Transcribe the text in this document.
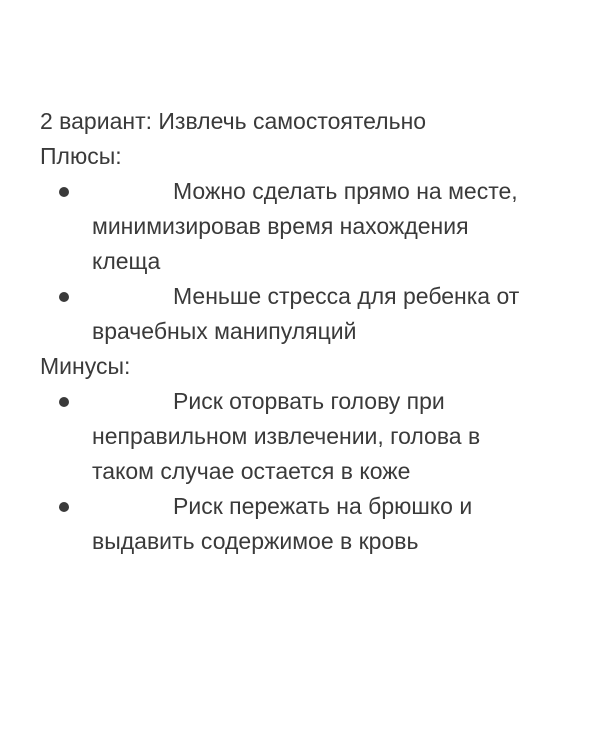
2 вариант: Извлечь самостоятельно
Плюсы:
Можно сделать прямо на месте,
минимизировав время нахождения
клеща
Меньше стресса для ребенка от
врачебных манипуляций
Минусы:
Риск оторвать голову при
неправильном извлечении, голова в
таком случае остается в коже
Риск пережать на брюшко и
выдавить содержимое в кровь
